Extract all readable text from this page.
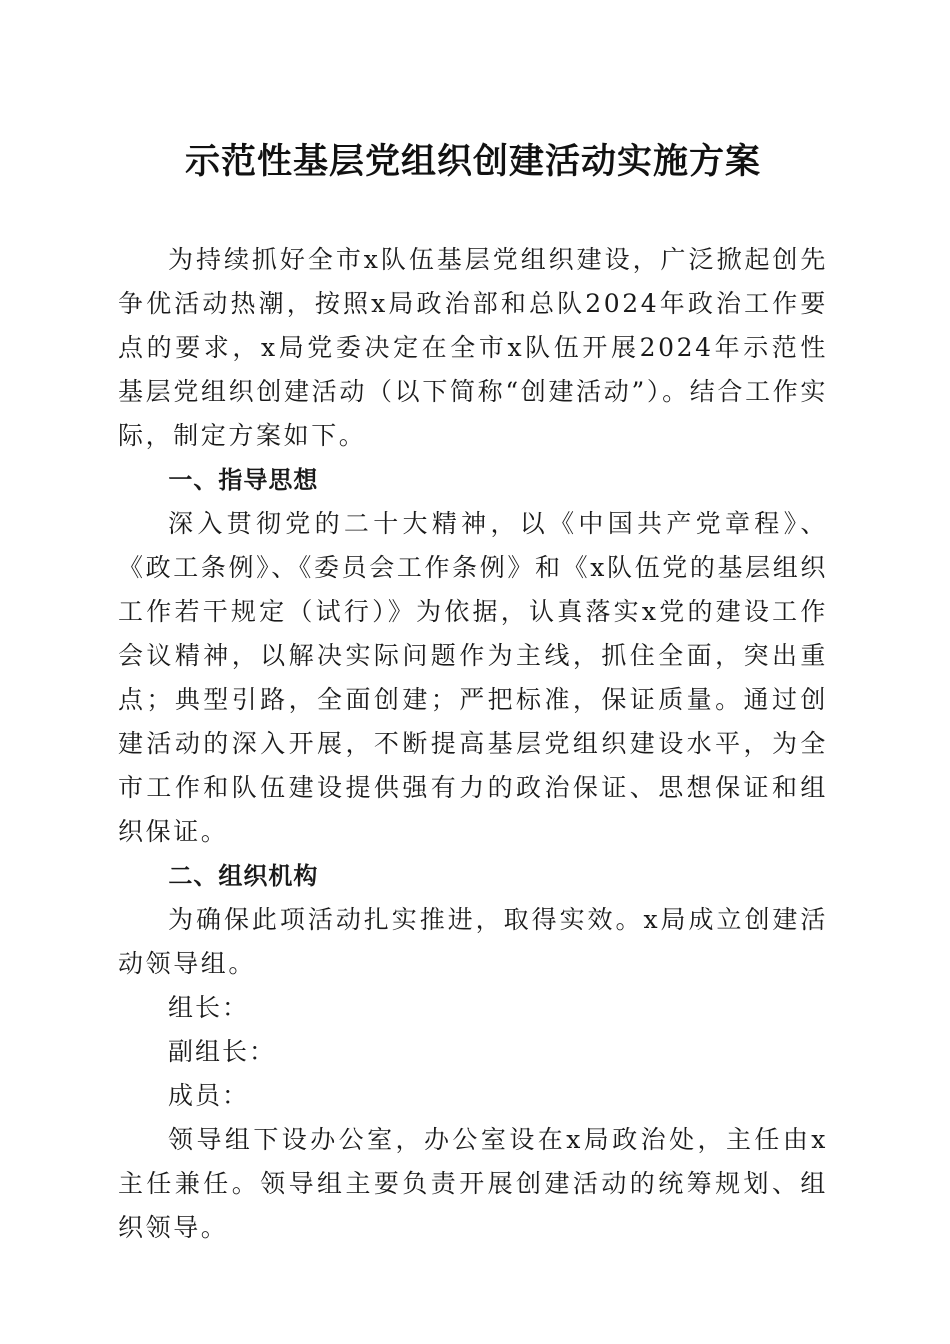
示范性基层党组织创建活动实施方案

为持续抓好全市x队伍基层党组织建设，广泛掀起创先争优活动热潮，按照x局政治部和总队2024年政治工作要点的要求，x局党委决定在全市x队伍开展2024年示范性基层党组织创建活动（以下简称“创建活动”）。结合工作实际，制定方案如下。

一、指导思想

深入贯彻党的二十大精神，以《中国共产党章程》、《政工条例》、《委员会工作条例》和《x队伍党的基层组织工作若干规定（试行）》为依据，认真落实x党的建设工作会议精神，以解决实际问题作为主线，抓住全面，突出重点；典型引路，全面创建；严把标准，保证质量。通过创建活动的深入开展，不断提高基层党组织建设水平，为全市工作和队伍建设提供强有力的政治保证、思想保证和组织保证。

二、组织机构

为确保此项活动扎实推进，取得实效。x局成立创建活动领导组。

组长：

副组长：

成员：

领导组下设办公室，办公室设在x局政治处，主任由x主任兼任。领导组主要负责开展创建活动的统筹规划、组织领导。
